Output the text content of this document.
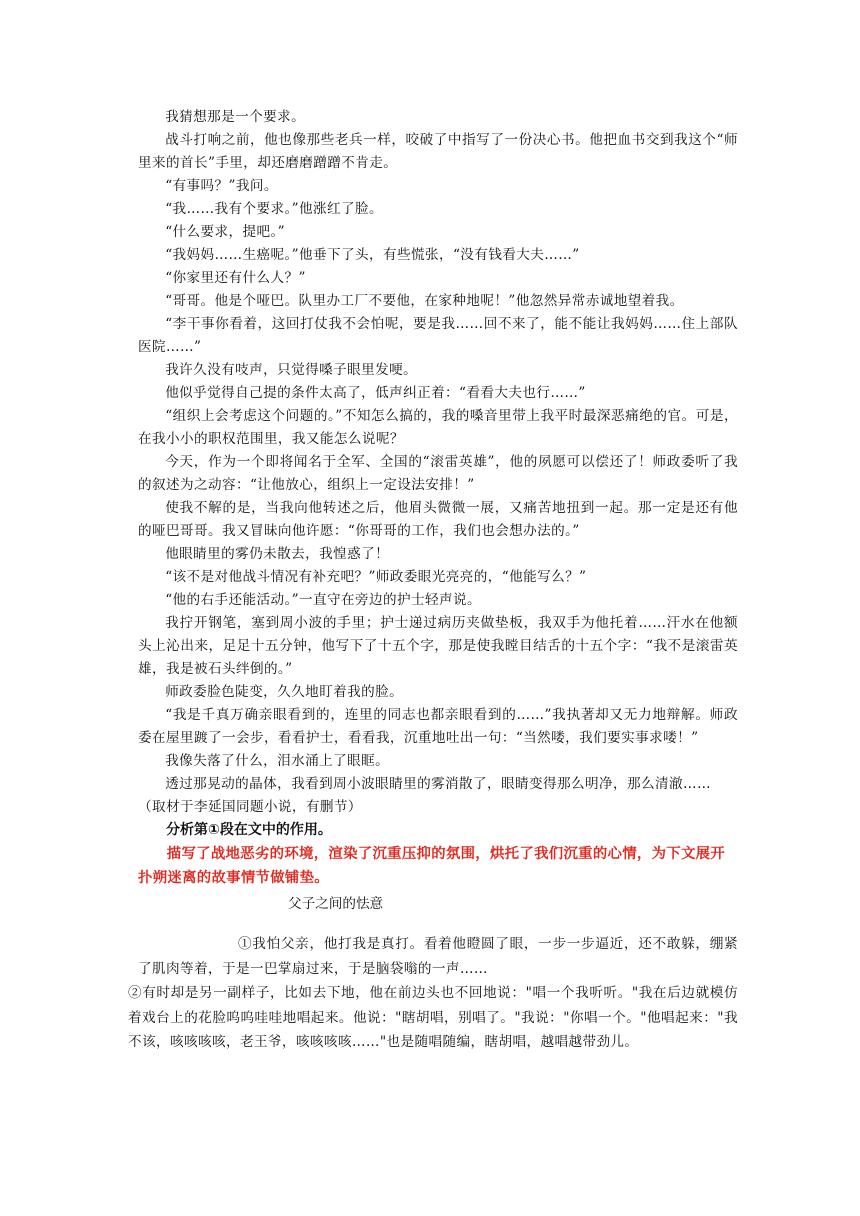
我猜想那是一个要求。

战斗打响之前，他也像那些老兵一样，咬破了中指写了一份决心书。他把血书交到我这个“师里来的首长”手里，却还磨磨蹭蹭不肯走。

“有事吗？”我问。

“我……我有个要求。”他涨红了脸。

“什么要求，提吧。”

“我妈妈……生癌呢。”他垂下了头，有些慌张，“没有钱看大夫……”

“你家里还有什么人？”

“哥哥。他是个哑巴。队里办工厂不要他，在家种地呢！”他忽然异常赤诚地望着我。

“李干事你看着，这回打仗我不会怕呢，要是我……回不来了，能不能让我妈妈……住上部队医院……”

我许久没有吱声，只觉得嗓子眼里发哽。

他似乎觉得自己提的条件太高了，低声纠正着：“看看大夫也行……”

“组织上会考虑这个问题的。”不知怎么搞的，我的嗓音里带上我平时最深恶痛绝的官。可是，在我小小的职权范围里，我又能怎么说呢？

今天，作为一个即将闻名于全军、全国的“滚雷英雄”，他的夙愿可以偿还了！师政委听了我的叙述为之动容：“让他放心，组织上一定设法安排！”

使我不解的是，当我向他转述之后，他眉头微微一展，又痛苦地扭到一起。那一定是还有他的哑巴哥哥。我又冒昧向他许愿：“你哥哥的工作，我们也会想办法的。”

他眼睛里的雾仍未散去，我惶惑了！

“该不是对他战斗情况有补充吧？”师政委眼光亮亮的，“他能写么？”

“他的右手还能活动。”一直守在旁边的护士轻声说。

我拧开钢笔，塞到周小波的手里；护士递过病历夹做垫板，我双手为他托着……汗水在他额头上沁出来，足足十五分钟，他写下了十五个字，那是使我瞠目结舌的十五个字：“我不是滚雷英雄，我是被石头绊倒的。”

师政委脸色陡变，久久地盯着我的脸。

“我是千真万确亲眼看到的，连里的同志也都亲眼看到的……”我执著却又无力地辩解。师政委在屋里踱了一会步，看看护士，看看我，沉重地吐出一句：“当然喽，我们要实事求喽！”

我像失落了什么，泪水涌上了眼眶。

透过那晃动的晶体，我看到周小波眼睛里的雾消散了，眼睛变得那么明净，那么清澈……

（取材于李延国同题小说，有删节）

分析第①段在文中的作用。

描写了战地恶劣的环境，渲染了沉重压抑的氛围，烘托了我们沉重的心情，为下文展开扑朔迷离的故事情节做铺垫。

父子之间的怯意

①我怕父亲，他打我是真打。看着他瞪圆了眼，一步一步逼近，还不敢躲，绷紧了肌肉等着，于是一巴掌扇过来，于是脑袋嗡的一声……

②有时却是另一副样子，比如去下地，他在前边头也不回地说："唱一个我听听。"我在后边就模仿着戏台上的花脸呜呜哇哇地唱起来。他说："瞎胡唱，别唱了。"我说："你唱一个。"他唱起来："我不该，咳咳咳咳，老王爷，咳咳咳咳……"也是随唱随编，瞎胡唱，越唱越带劲儿。
